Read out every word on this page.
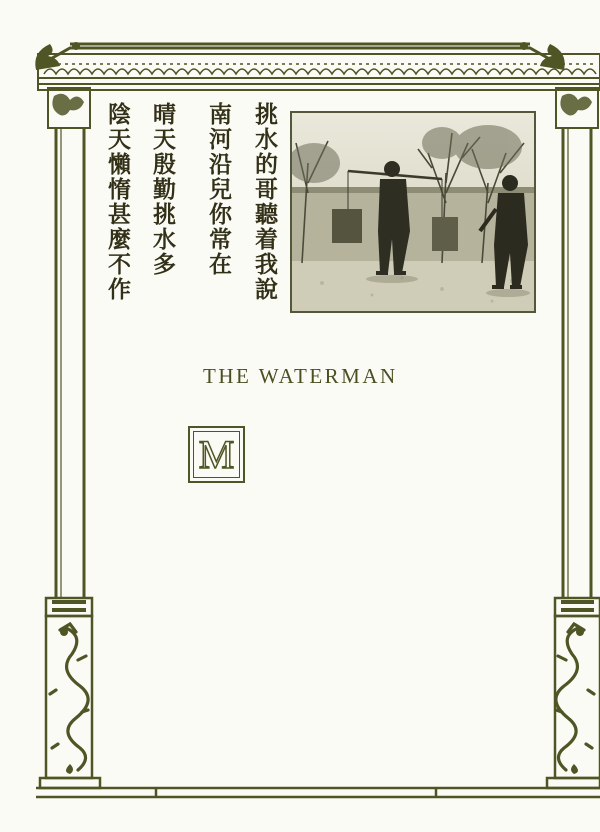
挑水的哥聽着我說
南河沿兒你常在
晴天殷勤挑水多
陰天懶惰甚麼不作
THE WATERMAN
M
